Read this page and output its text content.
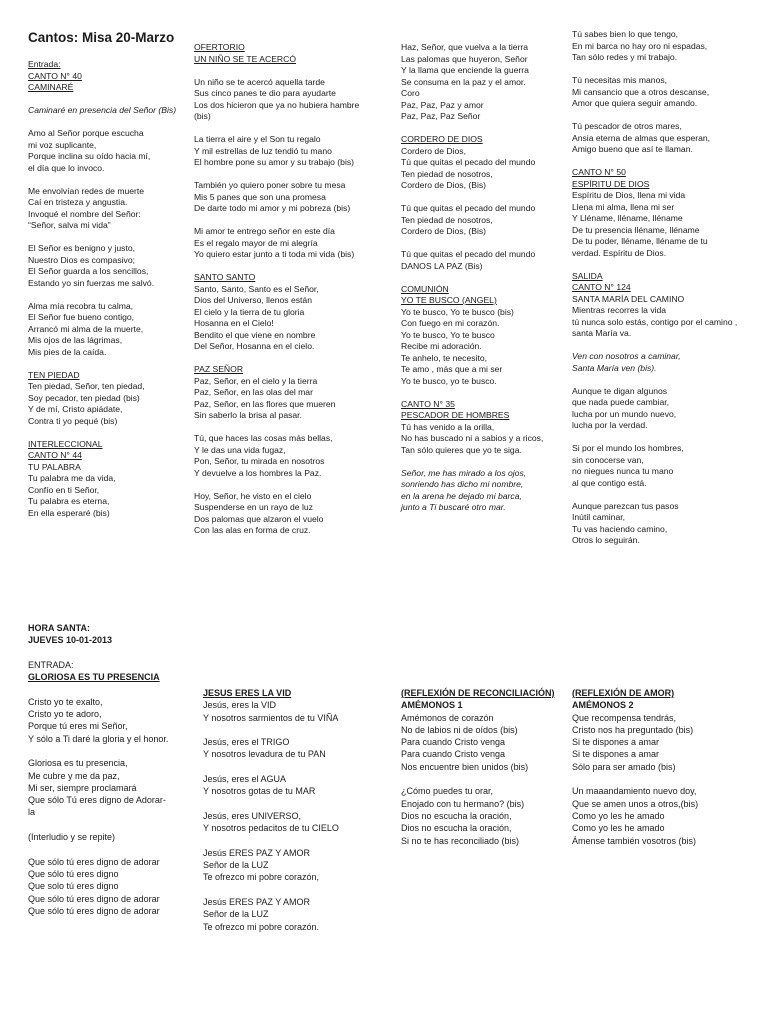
Cantos: Misa 20-Marzo
Entrada:
CANTO N° 40
CAMINARÉ
Caminaré en presencia del Señor (Bis)
Amo al Señor porque escucha
mi voz suplicante,
Porque inclina su oído hacia mí,
el día que lo invoco.
Me envolvían redes de muerte
Caí en tristeza y angustia.
Invoqué el nombre del Señor:
“Señor, salva mi vida”
El Señor es benigno y justo,
Nuestro Dios es compasivo;
El Señor guarda a los sencillos,
Estando yo sin fuerzas me salvó.
Alma mía recobra tu calma,
El Señor fue bueno contigo,
Arrancó mi alma de la muerte,
Mis ojos de las lágrimas,
Mis pies de la caída.
TEN PIEDAD
Ten piedad, Señor, ten piedad,
Soy pecador, ten piedad (bis)
Y de mí, Cristo apiádate,
Contra ti yo pequé (bis)
INTERLECCIONAL
CANTO N° 44
TU PALABRA
Tu palabra me da vida,
Confío en ti Señor,
Tu palabra es eterna,
En ella esperaré (bis)
OFERTORIO
UN NIÑO SE TE ACERCÓ
Un niño se te acercó aquella tarde
Sus cinco panes te dio para ayudarte
Los dos hicieron que ya no hubiera hambre
(bis)
La tierra el aire y el Son tu regalo
Y mil estrellas de luz tendió tu mano
El hombre pone su amor y su trabajo (bis)
También yo quiero poner sobre tu mesa
Mis 5 panes que son una promesa
De darte todo mi amor y mi pobreza (bis)
Mi amor te entrego señor en este día
Es el regalo mayor de mi alegría
Yo quiero estar junto a ti toda mi vida (bis)
SANTO SANTO
Santo, Santo, Santo es el Señor,
Dios del Universo, llenos están
El cielo y la tierra de tu gloria
Hosanna en el Cielo!
Bendito el que viene en nombre
Del Señor, Hosanna en el cielo.
PAZ SEÑOR
Paz, Señor, en el cielo y la tierra
Paz, Señor, en las olas del mar
Paz, Señor, en las flores que mueren
Sin saberlo la brisa al pasar.
Tú, que haces las cosas más bellas,
Y le das una vida fugaz,
Pon, Señor, tu mirada en nosotros
Y devuelve a los hombres la Paz.
Hoy, Señor, he visto en el cielo
Suspenderse en un rayo de luz
Dos palomas que alzaron el vuelo
Con las alas en forma de cruz.
Haz, Señor, que vuelva a la tierra
Las palomas que huyeron, Señor
Y la llama que enciende la guerra
Se consuma en la paz y el amor.
Coro
Paz, Paz, Paz y amor
Paz, Paz, Paz Señor
CORDERO DE DIOS
Cordero de Dios,
Tú que quitas el pecado del mundo
Ten piedad de nosotros,
Cordero de Dios, (Bis)
Tú que quitas el pecado del mundo
Ten piedad de nosotros,
Cordero de Dios, (Bis)
Tú que quitas el pecado del mundo
DANOS LA PAZ (Bis)
COMUNIÓN
YO TE BUSCO (ANGEL)
Yo te busco, Yo te busco (bis)
Con fuego en mi corazón.
Yo te busco, Yo te busco
Recibe mi adoración.
Te anhelo, te necesito,
Te amo , más que a mi ser
Yo te busco, yo te busco.
CANTO N° 35
PESCADOR DE HOMBRES
Tú has venido a la orilla,
No has buscado ni a sabios y a ricos,
Tan sólo quieres que yo te siga.
Señor, me has mirado a los ojos,
sonriendo has dicho mi nombre,
en la arena he dejado mi barca,
junto a Ti buscaré otro mar.
Tú sabes bien lo que tengo,
En mi barca no hay oro ni espadas,
Tan sólo redes y mi trabajo.
Tú necesitas mis manos,
Mi cansancio que a otros descanse,
Amor que quiera seguir amando.
Tú pescador de otros mares,
Ansia eterna de almas que esperan,
Amigo bueno que así te llaman.
CANTO N° 50
ESPÍRITU DE DIOS
Espíritu de Dios, llena mi vida
Llena mi alma, llena mi ser
Y Lléname, lléname, lléname
De tu presencia lléname, lléname
De tu poder, lléname, lléname de tu
verdad. Espíritu de Dios.
SALIDA
CANTO N° 124
SANTA MARÍA DEL CAMINO
Mientras recorres la vida
tú nunca solo estás, contigo por el camino ,
santa María va.
Ven con nosotros a caminar,
Santa María ven (bis).
Aunque te digan algunos
que nada puede cambiar,
lucha por un mundo nuevo,
lucha por la verdad.
Si por el mundo los hombres,
sin conocerse van,
no niegues nunca tu mano
al que contigo está.
Aunque parezcan tus pasos
Inútil caminar,
Tu vas haciendo camino,
Otros lo seguirán.
HORA SANTA:
JUEVES 10-01-2013
ENTRADA:
GLORIOSA ES TU PRESENCIA
Cristo yo te exalto,
Cristo yo te adoro,
Porque tú eres mi Señor,
Y sólo a Ti daré la gloria y el honor.
Gloriosa es tu presencia,
Me cubre y me da paz,
Mi ser, siempre proclamará
Que sólo Tú eres digno de Adorar-
la
(Interludio y se repite)
Que sólo tú eres digno de adorar
Que sólo tú eres digno
Que solo tú eres digno
Que sólo tú eres digno de adorar
Que sólo tú eres digno de adorar
JESUS ERES LA VID
Jesús, eres la VID
Y nosotros sarmientos de tu VIÑA
Jesús, eres el TRIGO
Y nosotros levadura de tu PAN
Jesús, eres el AGUA
Y nosotros gotas de tu MAR
Jesús, eres UNIVERSO,
Y nosotros pedacitos de tu CIELO
Jesús ERES PAZ Y AMOR
Señor de la LUZ
Te ofrezco mi pobre corazón,
Jesús ERES PAZ Y AMOR
Señor de la LUZ
Te ofrezco mi pobre corazón.
(REFLEXIÓN DE RECONCILIACIÓN)
AMÉMONOS 1
Amémonos de corazón
No de labios ni de oídos (bis)
Para cuando Cristo venga
Para cuando Cristo venga
Nos encuentre bien unidos (bis)
¿Cómo puedes tu orar,
Enojado con tu hermano? (bis)
Dios no escucha la oración,
Dios no escucha la oración,
Si no te has reconciliado (bis)
(REFLEXIÓN DE AMOR)
AMÉMONOS 2
Que recompensa tendrás,
Cristo nos ha preguntado (bis)
Si te dispones a amar
Si te dispones a amar
Sólo para ser amado (bis)
Un maaandamiento nuevo doy,
Que se amen unos a otros,(bis)
Como yo les he amado
Como yo les he amado
Ámense también vosotros (bis)
